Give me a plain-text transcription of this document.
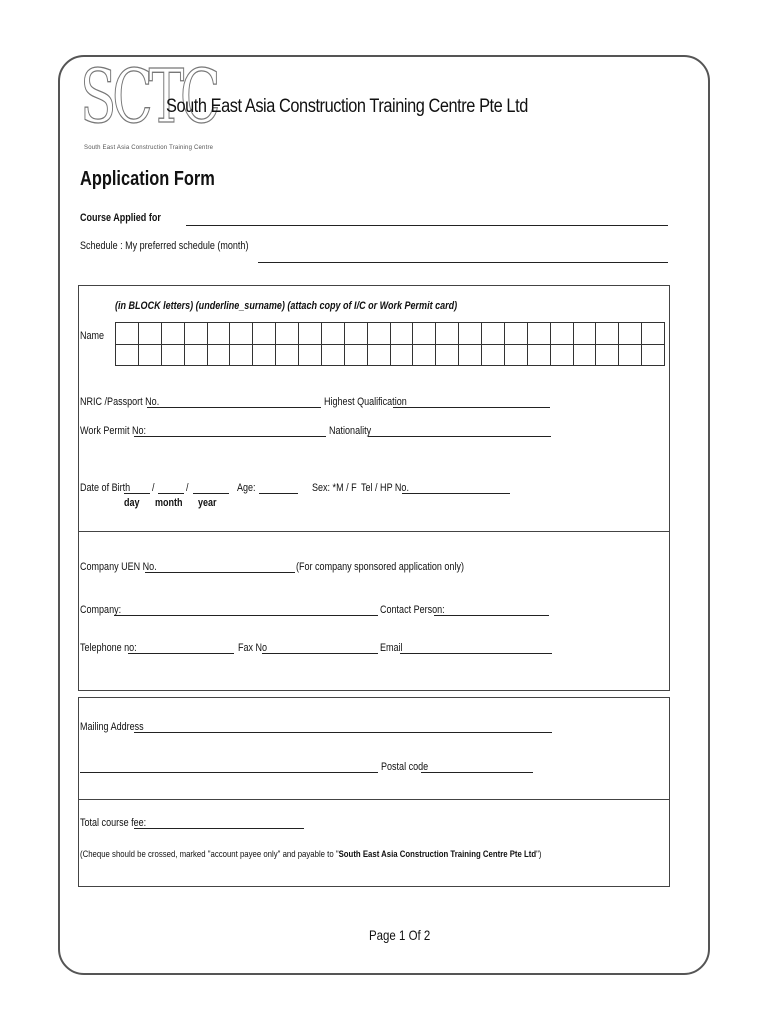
SCTC
South East Asia Construction Training Centre
South East Asia Construction Training Centre Pte Ltd
Application Form
Course Applied for
Schedule : My preferred schedule (month)
(in BLOCK letters) (underline_surname) (attach copy of I/C or Work Permit card)
Name

NRIC /Passport No.	Highest Qualification
Work Permit No:	Nationality
Date of Birth /	/	Age:	Sex: *M / F Tel / HP No.
day month year
Company UEN No.	(For company sponsored application only)
Company:	Contact Person:
Telephone no:	Fax No	Email
Mailing Address
Postal code
Total course fee:
(Cheque should be crossed, marked "account payee only" and payable to "South East Asia Construction Training Centre Pte Ltd")
Page 1 Of 2
